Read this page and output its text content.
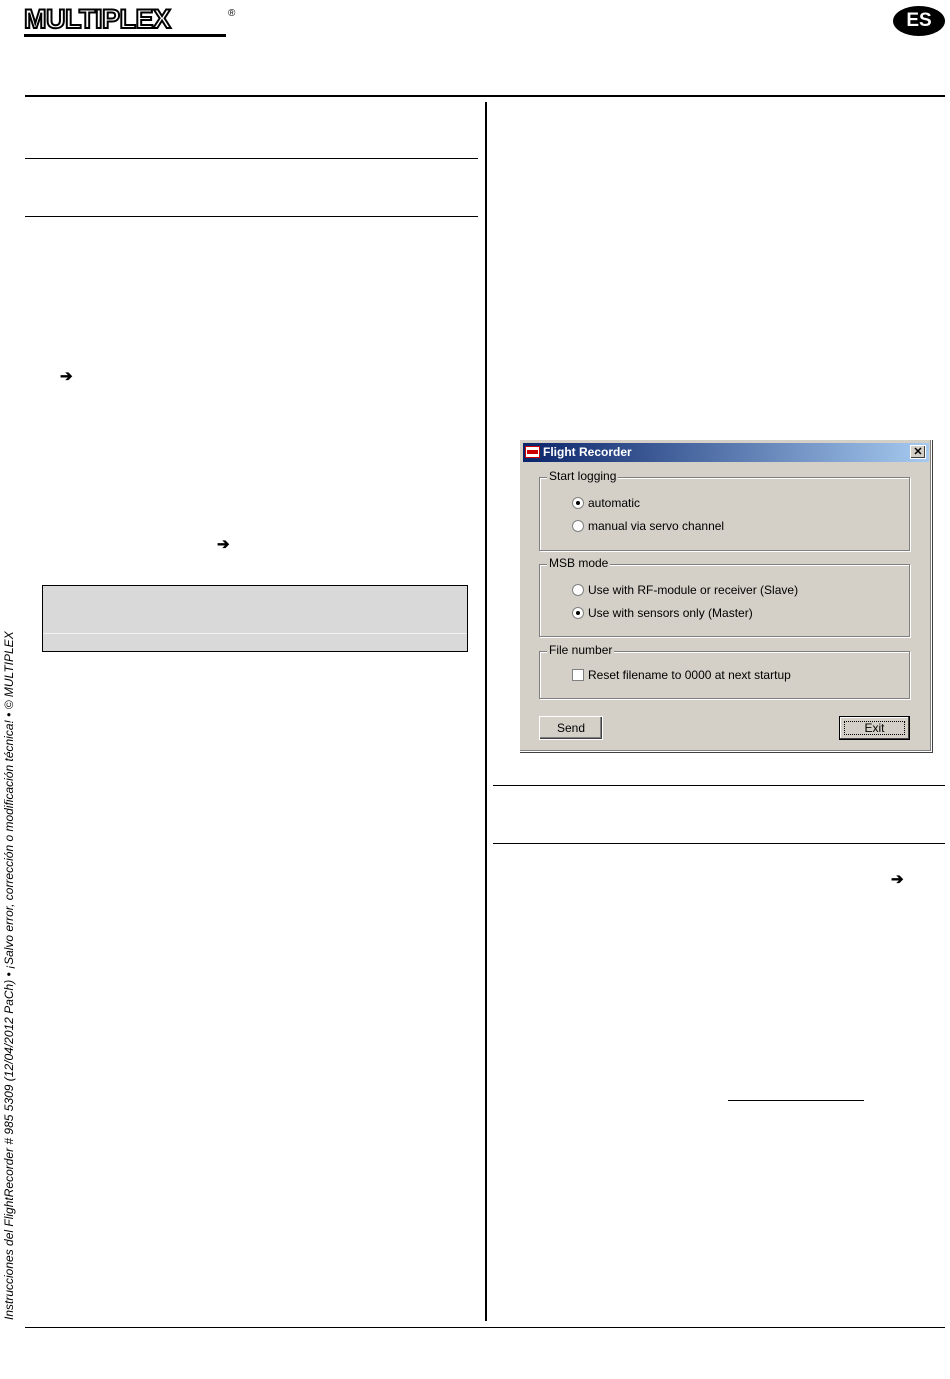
MULTIPLEX	®	ES
➔
➔
➔
Instrucciones del FlightRecorder # 985 5309 (12/04/2012 PaCh) • ¡Salvo error, corrección o modificación técnica! • © MULTIPLEX
Flight Recorder	✕
Start logging
automatic
manual via servo channel
MSB mode
Use with RF-module or receiver (Slave)
Use with sensors only (Master)
File number
Reset filename to 0000 at next startup
Send	Exit
